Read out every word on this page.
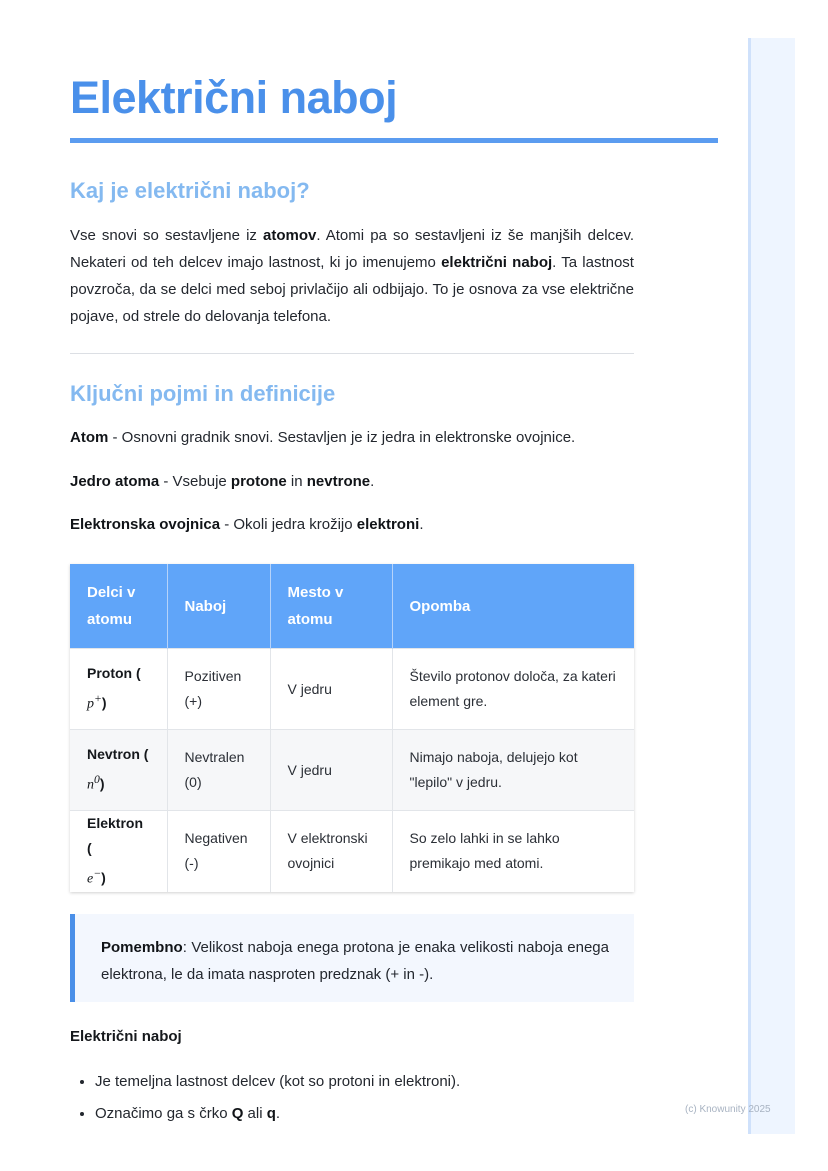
(c) Knowunity 2025
Električni naboj
Kaj je električni naboj?

Vse snovi so sestavljene iz atomov. Atomi pa so sestavljeni iz še manjših delcev. Nekateri od teh delcev imajo lastnost, ki jo imenujemo električni naboj. Ta lastnost povzroča, da se delci med seboj privlačijo ali odbijajo. To je osnova za vse električne pojave, od strele do delovanja telefona.

Ključni pojmi in definicije

Atom - Osnovni gradnik snovi. Sestavljen je iz jedra in elektronske ovojnice.

Jedro atoma - Vsebuje protone in nevtrone.

Elektronska ovojnica - Okoli jedra krožijo elektroni.

Delci v atomu	Naboj	Mesto v atomu	Opomba
Proton (
p+)	Pozitiven (+)	V jedru	Število protonov določa, za kateri element gre.
Nevtron (
$n^0$)	Nevtralen (0)	V jedru	Nimajo naboja, delujejo kot "lepilo" v jedru.
Elektron (
e−)	Negativen (-)	V elektronski ovojnici	So zelo lahki in se lahko premikajo med atomi.
Pomembno: Velikost naboja enega protona je enaka velikosti naboja enega elektrona, le da imata nasproten predznak (+ in -).

Električni naboj

• Je temeljna lastnost delcev (kot so protoni in elektroni).
• Označimo ga s črko Q ali q.
